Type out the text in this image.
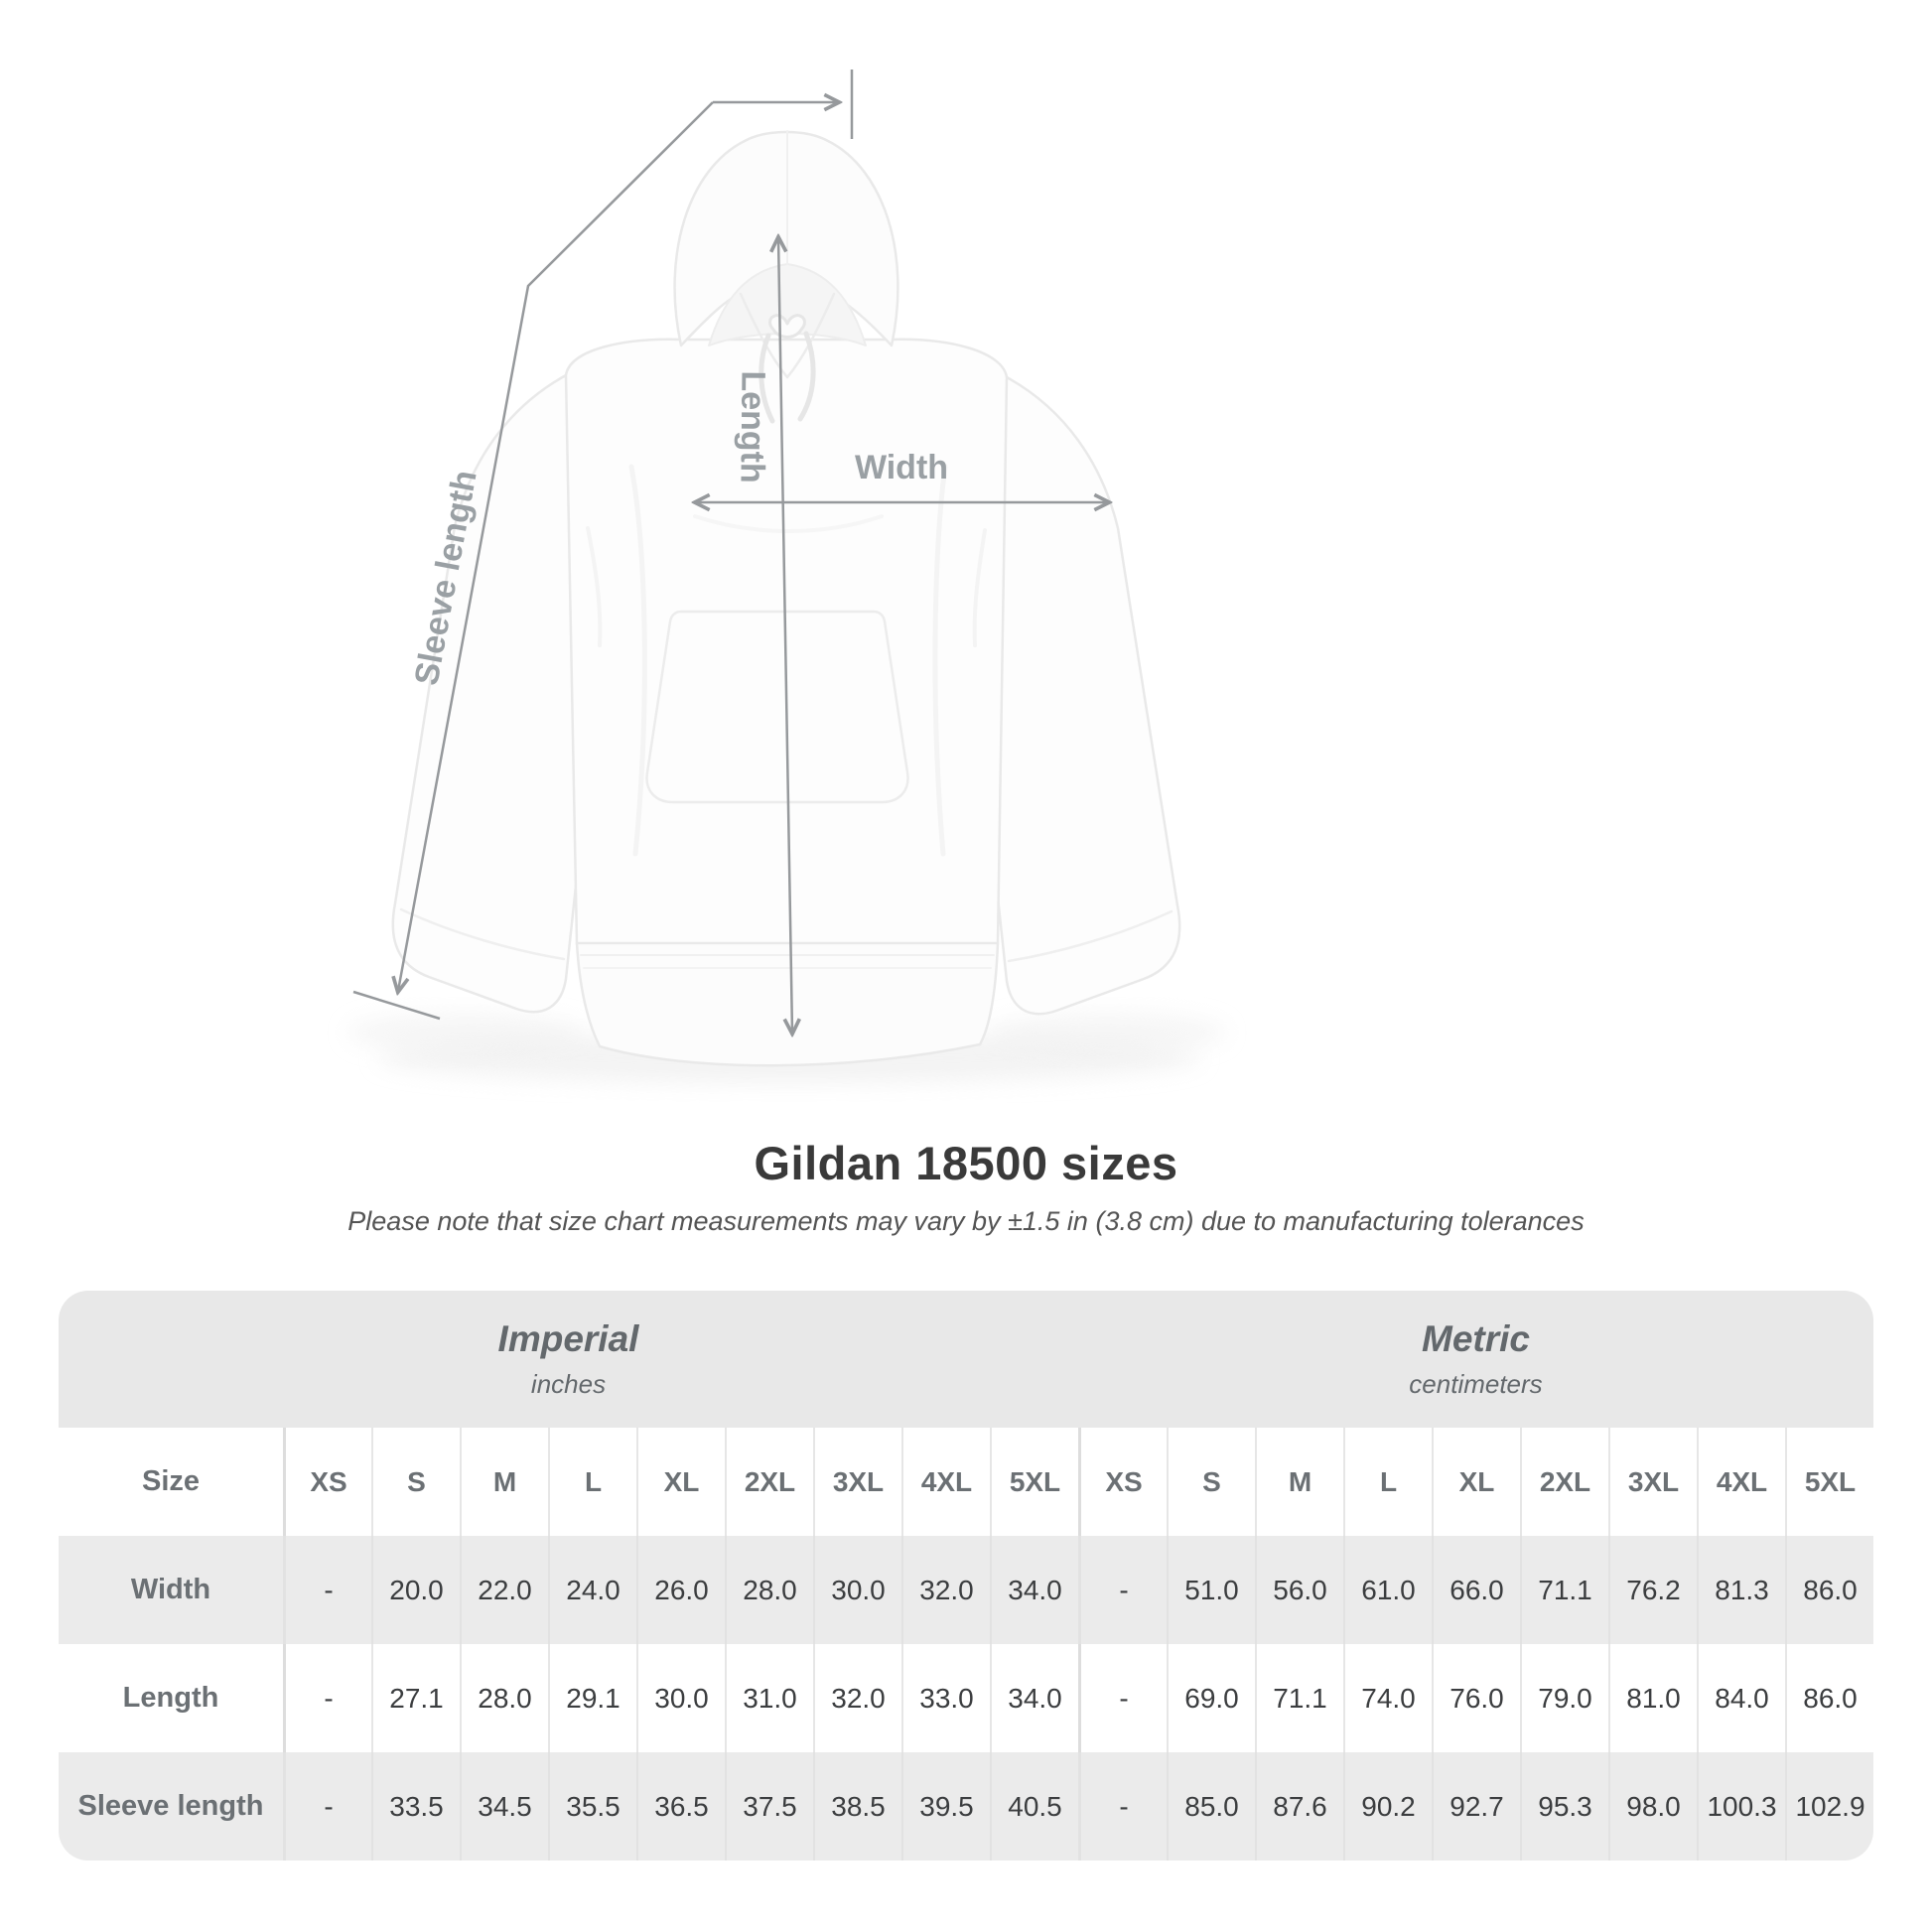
Width
Length
Sleeve length
Gildan 18500 sizes

Please note that size chart measurements may vary by ±1.5 in (3.8 cm) due to manufacturing tolerances

Imperial
inches
Metric
centimeters
Size	XS	S	M	L	XL	2XL	3XL	4XL	5XL	XS	S	M	L	XL	2XL	3XL	4XL	5XL
Width	-	20.0	22.0	24.0	26.0	28.0	30.0	32.0	34.0	-	51.0	56.0	61.0	66.0	71.1	76.2	81.3	86.0
Length	-	27.1	28.0	29.1	30.0	31.0	32.0	33.0	34.0	-	69.0	71.1	74.0	76.0	79.0	81.0	84.0	86.0
Sleeve length	-	33.5	34.5	35.5	36.5	37.5	38.5	39.5	40.5	-	85.0	87.6	90.2	92.7	95.3	98.0 100.3 102.9
